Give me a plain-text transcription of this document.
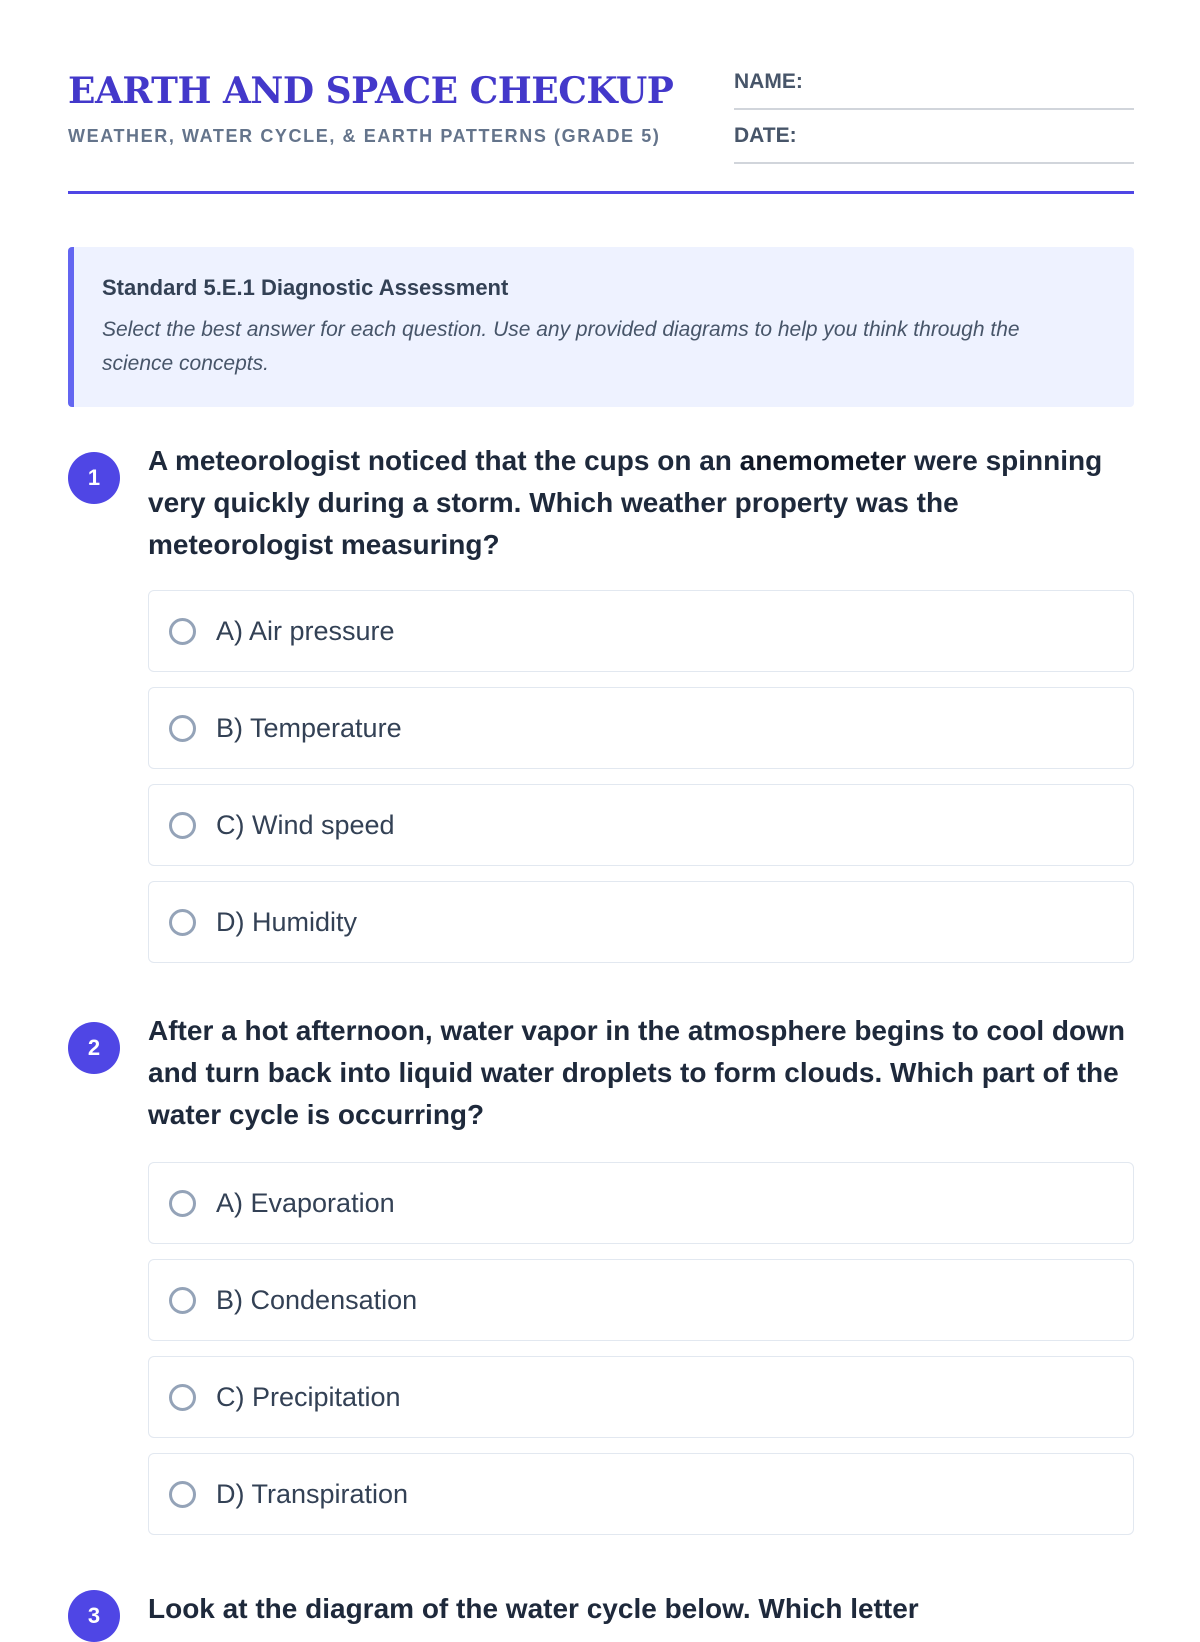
EARTH AND SPACE CHECKUP
WEATHER, WATER CYCLE, & EARTH PATTERNS (GRADE 5)
NAME:
DATE:
Standard 5.E.1 Diagnostic Assessment
Select the best answer for each question. Use any provided diagrams to help you think through the science concepts.
1
A meteorologist noticed that the cups on an anemometer were spinning very quickly during a storm. Which weather property was the meteorologist measuring?
A) Air pressure
B) Temperature
C) Wind speed
D) Humidity
2
After a hot afternoon, water vapor in the atmosphere begins to cool down and turn back into liquid water droplets to form clouds. Which part of the water cycle is occurring?
A) Evaporation
B) Condensation
C) Precipitation
D) Transpiration
3	Look at the diagram of the water cycle below. Which letter
